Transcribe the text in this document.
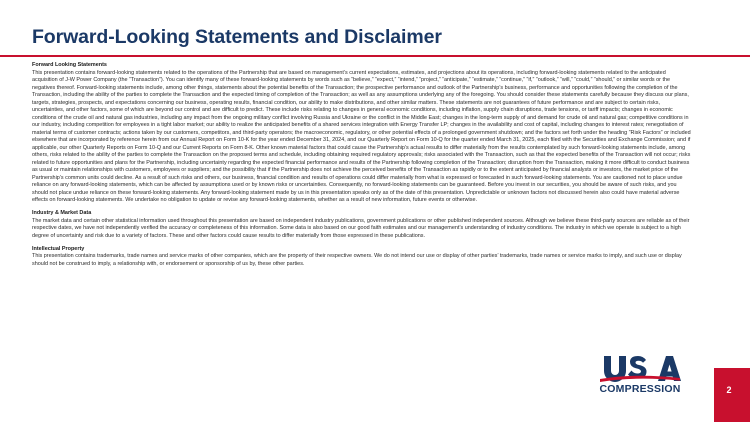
Forward-Looking Statements and Disclaimer

Forward Looking Statements

This presentation contains forward-looking statements related to the operations of the Partnership that are based on management’s current expectations, estimates, and projections about its operations, including forward-looking statements related to the anticipated acquisition of J-W Power Company (the “Transaction”). You can identify many of these forward-looking statements by words such as “believe,” “expect,” “intend,” “project,” “anticipate,” “estimate,” “continue,” “if,” “outlook,” “will,” “could,” “should,” or similar words or the negatives thereof. Forward-looking statements include, among other things, statements about the potential benefits of the Transaction; the prospective performance and outlook of the Partnership’s business, performance and opportunities following the completion of the Transaction, including the ability of the parties to complete the Transaction and the expected timing of completion of the Transaction; as well as any assumptions underlying any of the foregoing. You should consider these statements carefully because they discuss our plans, targets, strategies, prospects, and expectations concerning our business, operating results, financial condition, our ability to make distributions, and other similar matters. These statements are not guarantees of future performance and are subject to certain risks, uncertainties, and other factors, some of which are beyond our control and are difficult to predict. These include risks relating to changes in general economic conditions, including inflation, supply chain disruptions, trade tensions, or tariff impacts; changes in economic conditions of the crude oil and natural gas industries, including any impact from the ongoing military conflict involving Russia and Ukraine or the conflict in the Middle East; changes in the long-term supply of and demand for crude oil and natural gas; competitive conditions in our industry, including competition for employees in a tight labor market; our ability to realize the anticipated benefits of a shared services integration with Energy Transfer LP; changes in the availability and cost of capital, including changes to interest rates; renegotiation of material terms of customer contracts; actions taken by our customers, competitors, and third-party operators; the macroeconomic, regulatory, or other potential effects of a prolonged government shutdown; and the factors set forth under the heading “Risk Factors” or included elsewhere that are incorporated by reference herein from our Annual Report on Form 10-K for the year ended December 31, 2024, and our Quarterly Report on Form 10-Q for the quarter ended March 31, 2025, each filed with the Securities and Exchange Commission; and if applicable, our other Quarterly Reports on Form 10-Q and our Current Reports on Form 8-K. Other known material factors that could cause the Partnership’s actual results to differ materially from the results contemplated by such forward-looking statements include, among others, risks related to the ability of the parties to complete the Transaction on the proposed terms and schedule, including obtaining required regulatory approvals; risks associated with the Transaction, such as that the expected benefits of the Transaction will not occur; risks related to future opportunities and plans for the Partnership, including uncertainty regarding the expected financial performance and results of the Partnership following completion of the Transaction; disruption from the Transaction, making it more difficult to conduct business as usual or maintain relationships with customers, employees or suppliers; and the possibility that if the Partnership does not achieve the perceived benefits of the Transaction as rapidly or to the extent anticipated by financial analysts or investors, the market price of the Partnership’s common units could decline. As a result of such risks and others, our business, financial condition and results of operations could differ materially from what is expressed or forecasted in such forward-looking statements. You are cautioned not to place undue reliance on any forward-looking statements, which can be affected by assumptions used or by known risks or uncertainties. Consequently, no forward-looking statements can be guaranteed. Before you invest in our securities, you should be aware of such risks, and you should not place undue reliance on these forward-looking statements. Any forward-looking statement made by us in this presentation speaks only as of the date of this presentation. Unpredictable or unknown factors not discussed herein also could have material adverse effects on forward-looking statements. We undertake no obligation to update or revise any forward-looking statements, whether as a result of new information, future events or otherwise.

Industry & Market Data

The market data and certain other statistical information used throughout this presentation are based on independent industry publications, government publications or other published independent sources. Although we believe these third-party sources are reliable as of their respective dates, we have not independently verified the accuracy or completeness of this information. Some data is also based on our good faith estimates and our management’s understanding of industry conditions. The industry in which we operate is subject to a high degree of uncertainty and risk due to a variety of factors. These and other factors could cause results to differ materially from those expressed in these publications.

Intellectual Property

This presentation contains trademarks, trade names and service marks of other companies, which are the property of their respective owners. We do not intend our use or display of other parties’ trademarks, trade names or service marks to imply, and such use or display should not be construed to imply, a relationship with, or endorsement or sponsorship of us by, these other parties.

COMPRESSION	2
